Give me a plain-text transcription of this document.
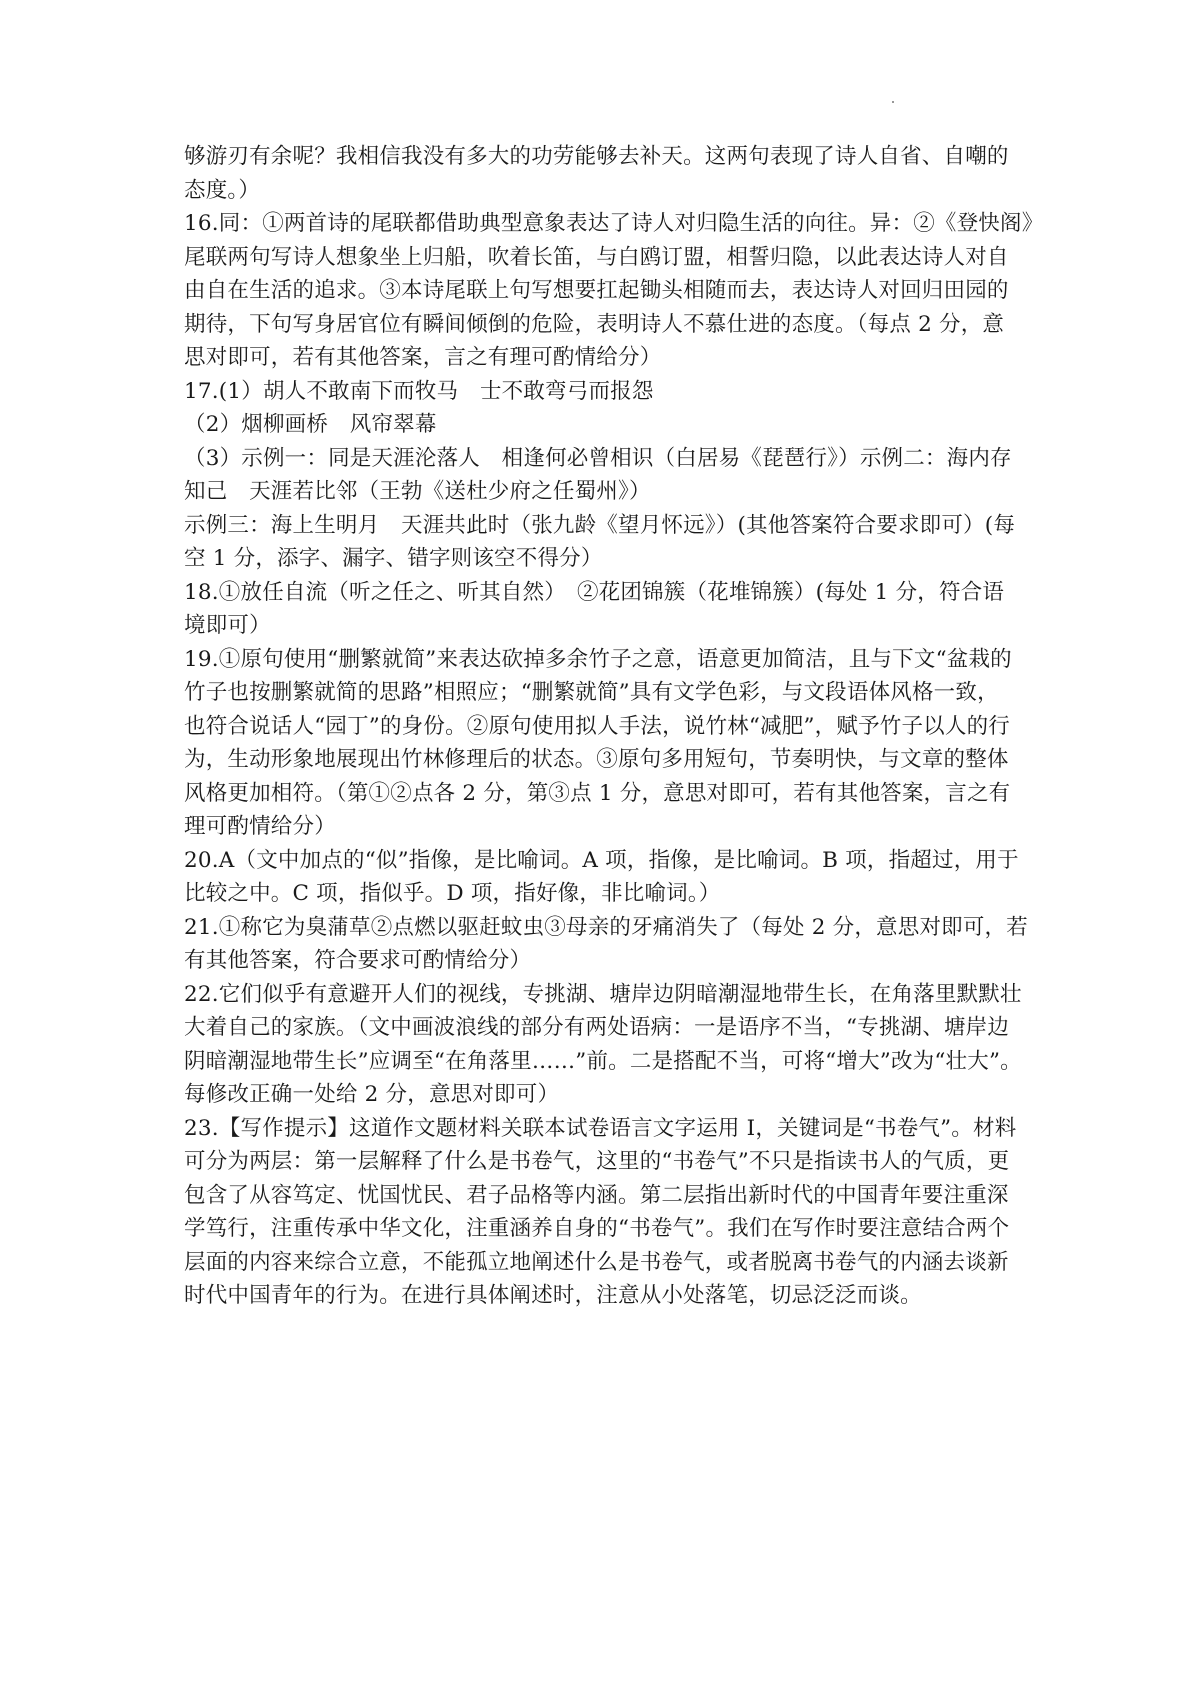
够游刃有余呢？我相信我没有多大的功劳能够去补天。这两句表现了诗人自省、自嘲的
态度。）
16.同：①两首诗的尾联都借助典型意象表达了诗人对归隐生活的向往。异：②《登快阁》
尾联两句写诗人想象坐上归船，吹着长笛，与白鸥订盟，相誓归隐，以此表达诗人对自
由自在生活的追求。③本诗尾联上句写想要扛起锄头相随而去，表达诗人对回归田园的
期待，下句写身居官位有瞬间倾倒的危险，表明诗人不慕仕进的态度。（每点 2 分，意
思对即可，若有其他答案，言之有理可酌情给分）
17.(1）胡人不敢南下而牧马　士不敢弯弓而报怨
（2）烟柳画桥　风帘翠幕
（3）示例一：同是天涯沦落人　相逢何必曾相识（白居易《琵琶行》）示例二：海内存
知己　天涯若比邻（王勃《送杜少府之任蜀州》）
示例三：海上生明月　天涯共此时（张九龄《望月怀远》）(其他答案符合要求即可）(每
空 1 分，添字、漏字、错字则该空不得分）
18.①放任自流（听之任之、听其自然）　②花团锦簇（花堆锦簇）(每处 1 分，符合语
境即可）
19.①原句使用“删繁就简”来表达砍掉多余竹子之意，语意更加简洁，且与下文“盆栽的
竹子也按删繁就简的思路”相照应；“删繁就简”具有文学色彩，与文段语体风格一致，
也符合说话人“园丁”的身份。②原句使用拟人手法，说竹林“减肥”，赋予竹子以人的行
为，生动形象地展现出竹林修理后的状态。③原句多用短句，节奏明快，与文章的整体
风格更加相符。（第①②点各 2 分，第③点 1 分，意思对即可，若有其他答案，言之有
理可酌情给分）
20.A（文中加点的“似”指像，是比喻词。A 项，指像，是比喻词。B 项，指超过，用于
比较之中。C 项，指似乎。D 项，指好像，非比喻词。）
21.①称它为臭蒲草②点燃以驱赶蚊虫③母亲的牙痛消失了（每处 2 分，意思对即可，若
有其他答案，符合要求可酌情给分）
22.它们似乎有意避开人们的视线，专挑湖、塘岸边阴暗潮湿地带生长，在角落里默默壮
大着自己的家族。（文中画波浪线的部分有两处语病：一是语序不当，“专挑湖、塘岸边
阴暗潮湿地带生长”应调至“在角落里……”前。二是搭配不当，可将“增大”改为“壮大”。
每修改正确一处给 2 分，意思对即可）
23.【写作提示】这道作文题材料关联本试卷语言文字运用 I，关键词是“书卷气”。材料
可分为两层：第一层解释了什么是书卷气，这里的“书卷气”不只是指读书人的气质，更
包含了从容笃定、忧国忧民、君子品格等内涵。第二层指出新时代的中国青年要注重深
学笃行，注重传承中华文化，注重涵养自身的“书卷气”。我们在写作时要注意结合两个
层面的内容来综合立意，不能孤立地阐述什么是书卷气，或者脱离书卷气的内涵去谈新
时代中国青年的行为。在进行具体阐述时，注意从小处落笔，切忌泛泛而谈。
